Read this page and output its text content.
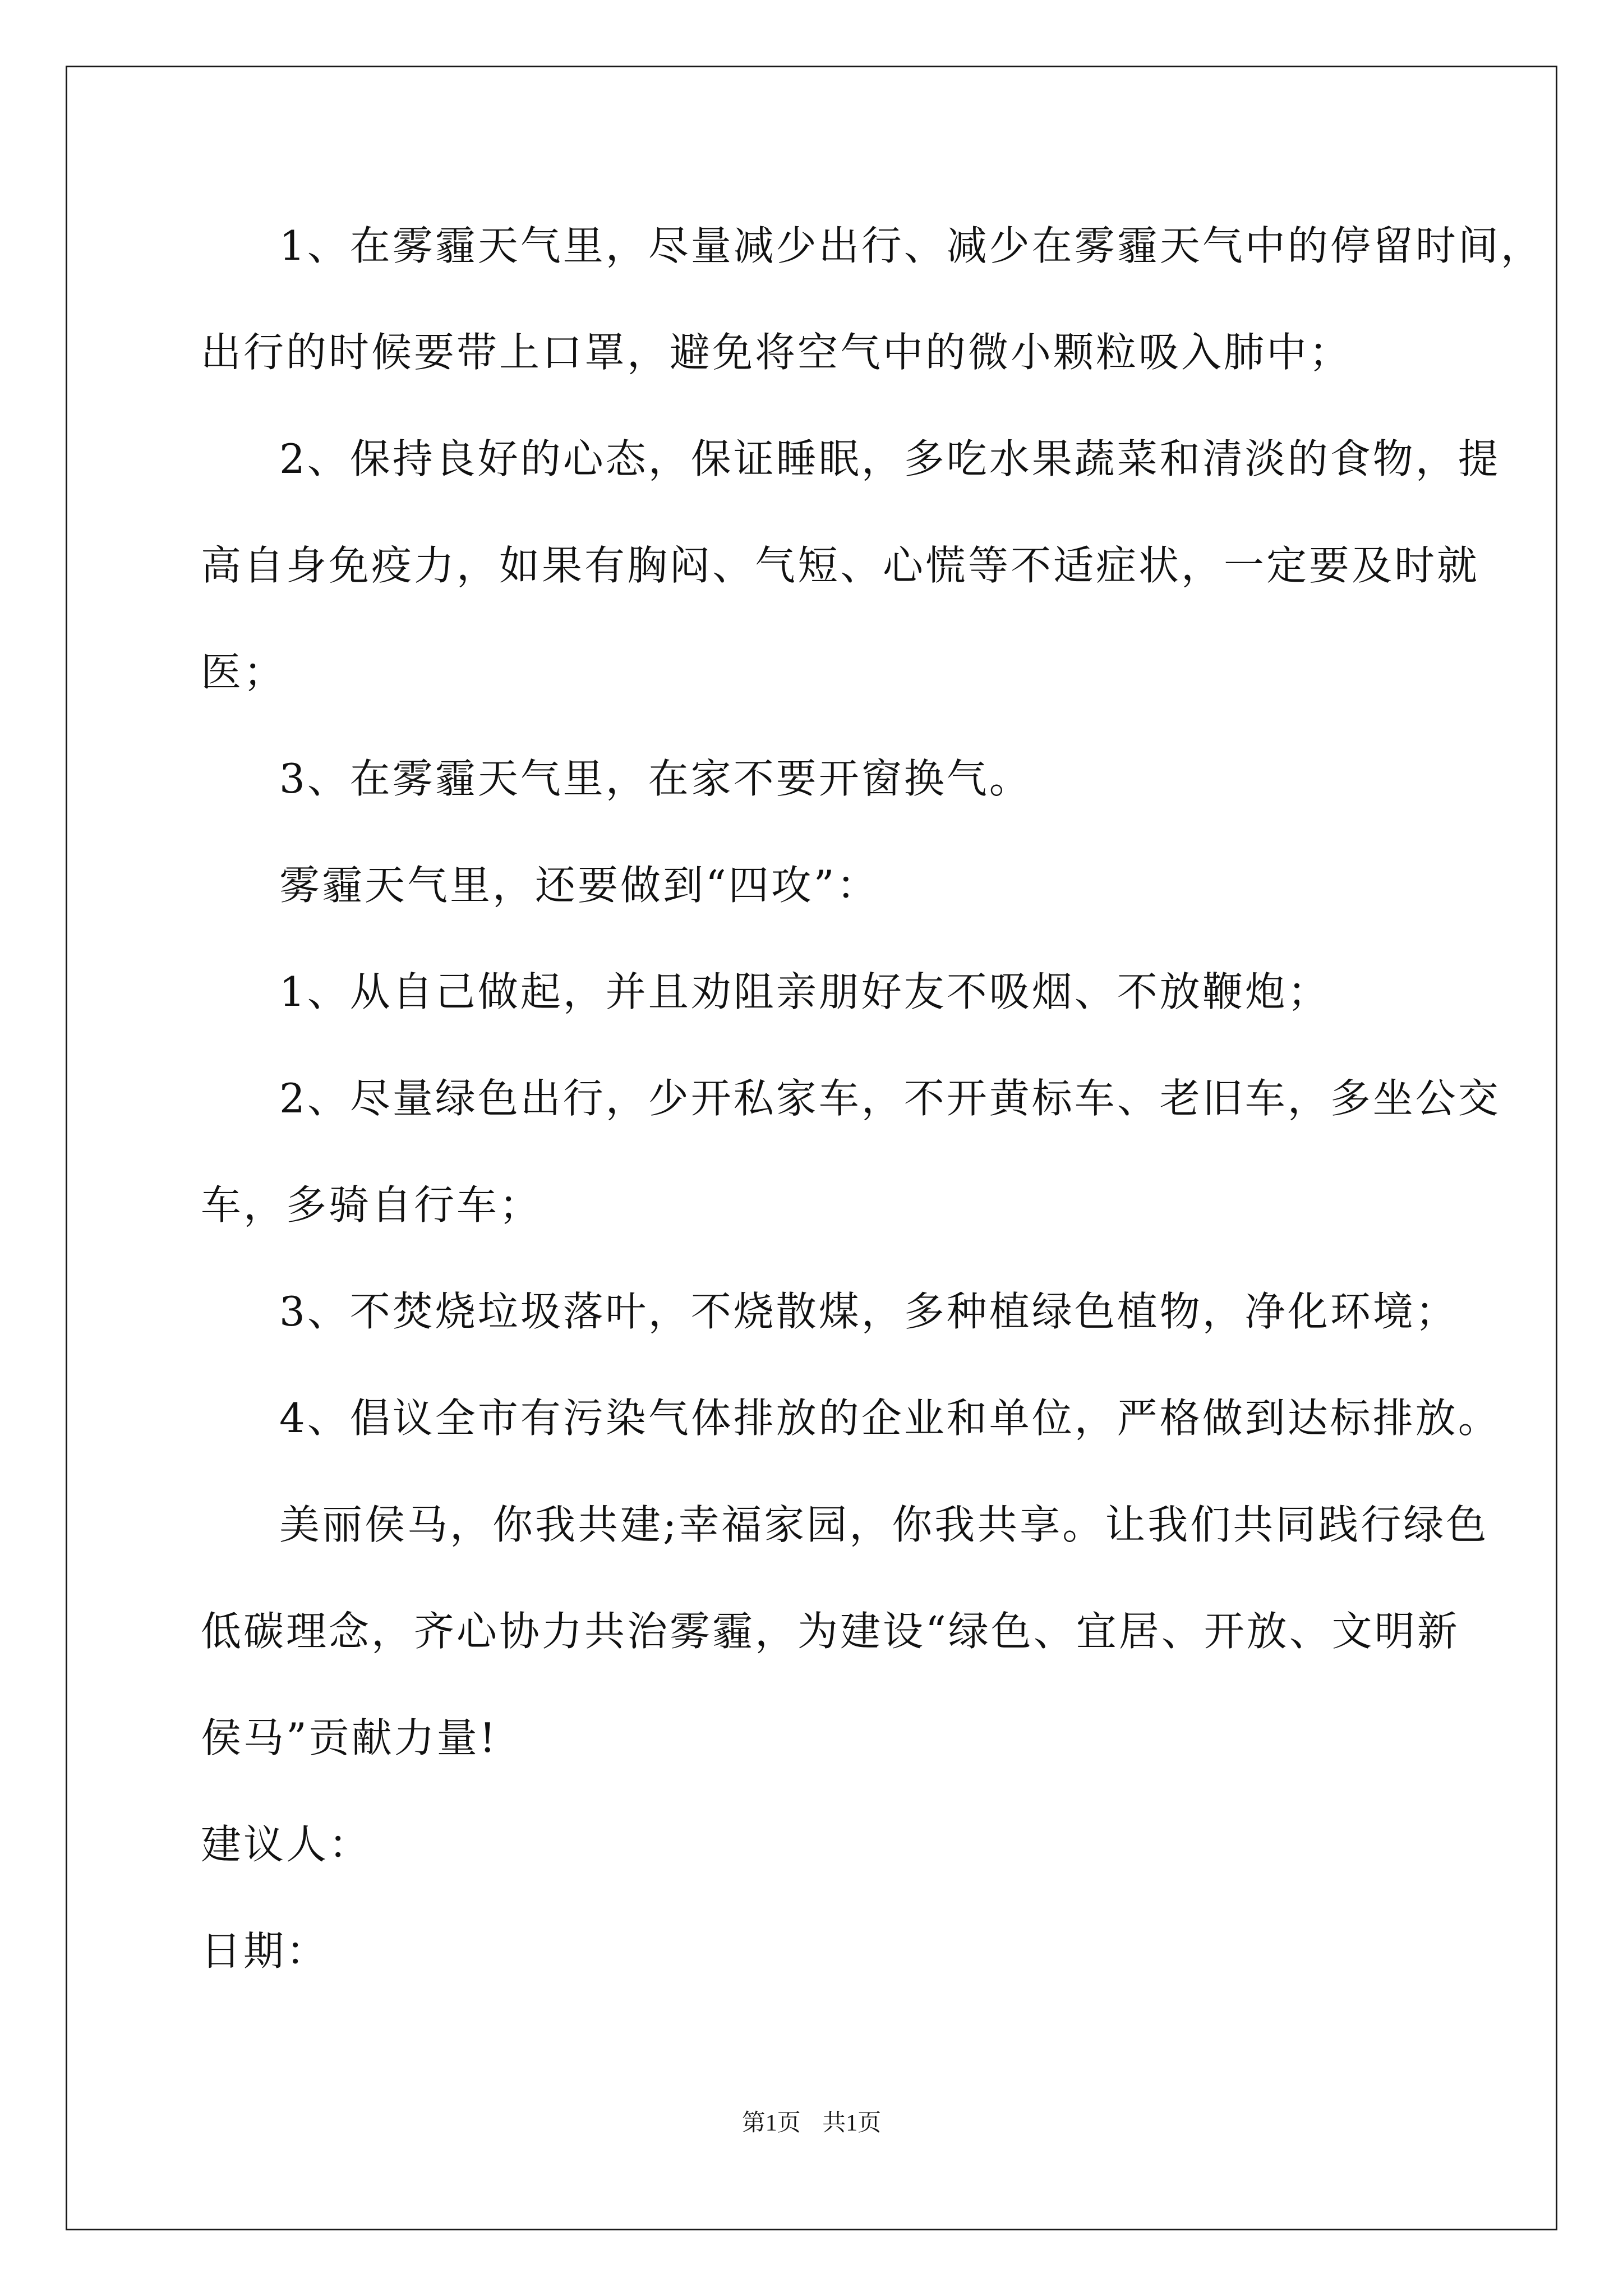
1、在雾霾天气里，尽量减少出行、减少在雾霾天气中的停留时间，
出行的时候要带上口罩，避免将空气中的微小颗粒吸入肺中；
2、保持良好的心态，保证睡眠，多吃水果蔬菜和清淡的食物，提
高自身免疫力，如果有胸闷、气短、心慌等不适症状，一定要及时就
医；
3、在雾霾天气里，在家不要开窗换气。
雾霾天气里，还要做到“四攻”：
1、从自己做起，并且劝阻亲朋好友不吸烟、不放鞭炮；
2、尽量绿色出行，少开私家车，不开黄标车、老旧车，多坐公交
车，多骑自行车；
3、不焚烧垃圾落叶，不烧散煤，多种植绿色植物，净化环境；
4、倡议全市有污染气体排放的企业和单位，严格做到达标排放。
美丽侯马，你我共建;幸福家园，你我共享。让我们共同践行绿色
低碳理念，齐心协力共治雾霾，为建设“绿色、宜居、开放、文明新
侯马”贡献力量!
建议人：
日期：
第1页 共1页
